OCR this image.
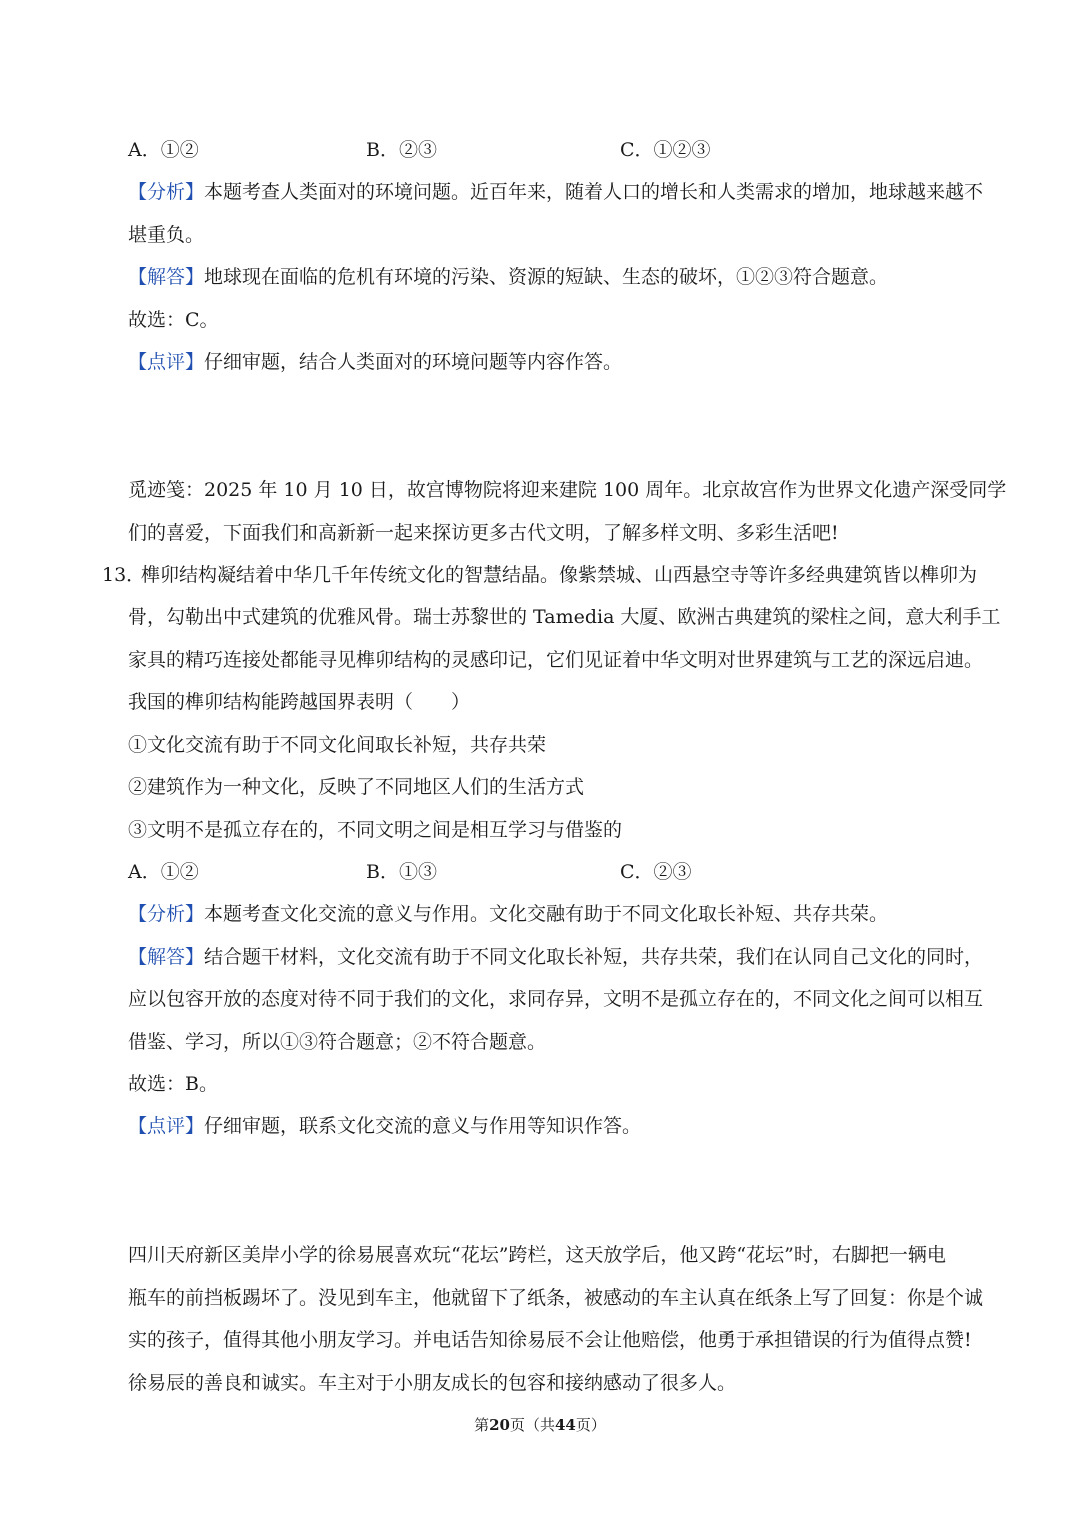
A．①②	B．②③	C．①②③
【分析】本题考查人类面对的环境问题。近百年来，随着人口的增长和人类需求的增加，地球越来越不
堪重负。
【解答】地球现在面临的危机有环境的污染、资源的短缺、生态的破坏，①②③符合题意。
故选：C。
【点评】仔细审题，结合人类面对的环境问题等内容作答。
觅迹笺：2025 年 10 月 10 日，故宫博物院将迎来建院 100 周年。北京故宫作为世界文化遗产深受同学
们的喜爱，下面我们和高新新一起来探访更多古代文明，了解多样文明、多彩生活吧!
13．
榫卯结构凝结着中华几千年传统文化的智慧结晶。像紫禁城、山西悬空寺等许多经典建筑皆以榫卯为
骨，勾勒出中式建筑的优雅风骨。瑞士苏黎世的 Tamedia 大厦、欧洲古典建筑的梁柱之间，意大利手工
家具的精巧连接处都能寻见榫卯结构的灵感印记，它们见证着中华文明对世界建筑与工艺的深远启迪。
我国的榫卯结构能跨越国界表明（　　）
①文化交流有助于不同文化间取长补短，共存共荣
②建筑作为一种文化，反映了不同地区人们的生活方式
③文明不是孤立存在的，不同文明之间是相互学习与借鉴的
A．①②	B．①③	C．②③
【分析】本题考查文化交流的意义与作用。文化交融有助于不同文化取长补短、共存共荣。
【解答】结合题干材料，文化交流有助于不同文化取长补短，共存共荣，我们在认同自己文化的同时，
应以包容开放的态度对待不同于我们的文化，求同存异，文明不是孤立存在的，不同文化之间可以相互
借鉴、学习，所以①③符合题意；②不符合题意。
故选：B。
【点评】仔细审题，联系文化交流的意义与作用等知识作答。
四川天府新区美岸小学的徐易展喜欢玩“花坛”跨栏，这天放学后，他又跨“花坛”时，右脚把一辆电
瓶车的前挡板踢坏了。没见到车主，他就留下了纸条，被感动的车主认真在纸条上写了回复：你是个诚
实的孩子，值得其他小朋友学习。并电话告知徐易辰不会让他赔偿，他勇于承担错误的行为值得点赞!
徐易辰的善良和诚实。车主对于小朋友成长的包容和接纳感动了很多人。
第20页（共44页）
